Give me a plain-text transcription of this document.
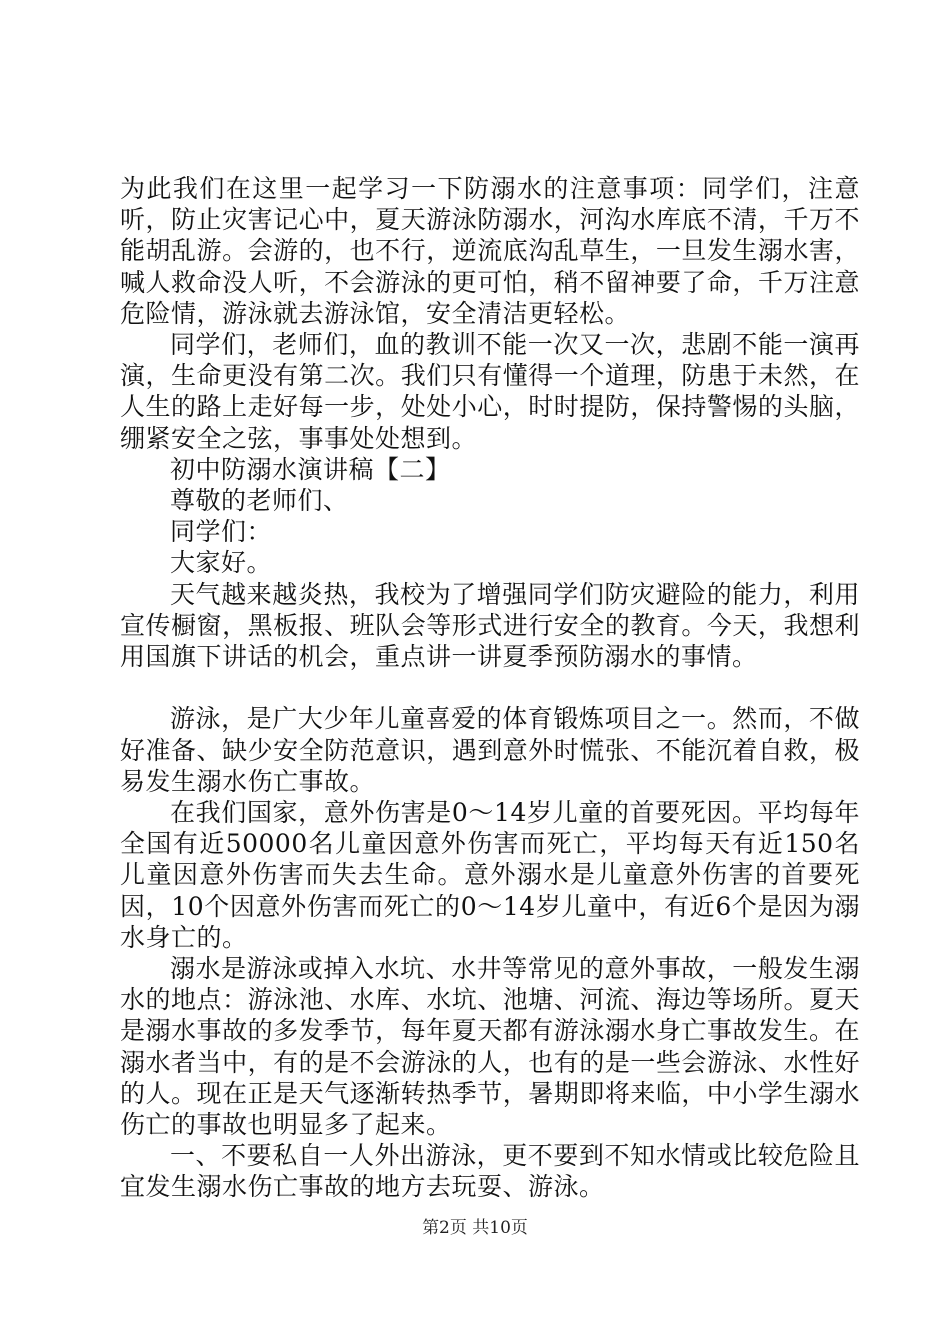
为此我们在这里一起学习一下防溺水的注意事项：同学们，注意听，防止灾害记心中，夏天游泳防溺水，河沟水库底不清，千万不能胡乱游。会游的，也不行，逆流底沟乱草生，一旦发生溺水害，喊人救命没人听，不会游泳的更可怕，稍不留神要了命，千万注意危险情，游泳就去游泳馆，安全清洁更轻松。

同学们，老师们，血的教训不能一次又一次，悲剧不能一演再演，生命更没有第二次。我们只有懂得一个道理，防患于未然，在人生的路上走好每一步，处处小心，时时提防，保持警惕的头脑，绷紧安全之弦，事事处处想到。

初中防溺水演讲稿【二】

尊敬的老师们、

同学们：

大家好。

天气越来越炎热，我校为了增强同学们防灾避险的能力，利用宣传橱窗，黑板报、班队会等形式进行安全的教育。今天，我想利用国旗下讲话的机会，重点讲一讲夏季预防溺水的事情。

游泳，是广大少年儿童喜爱的体育锻炼项目之一。然而，不做好准备、缺少安全防范意识，遇到意外时慌张、不能沉着自救，极易发生溺水伤亡事故。

在我们国家，意外伤害是0～14岁儿童的首要死因。平均每年全国有近50000名儿童因意外伤害而死亡，平均每天有近150名儿童因意外伤害而失去生命。意外溺水是儿童意外伤害的首要死因，10个因意外伤害而死亡的0～14岁儿童中，有近6个是因为溺水身亡的。

溺水是游泳或掉入水坑、水井等常见的意外事故，一般发生溺水的地点：游泳池、水库、水坑、池塘、河流、海边等场所。夏天是溺水事故的多发季节，每年夏天都有游泳溺水身亡事故发生。在溺水者当中，有的是不会游泳的人，也有的是一些会游泳、水性好的人。现在正是天气逐渐转热季节，暑期即将来临，中小学生溺水伤亡的事故也明显多了起来。

一、不要私自一人外出游泳，更不要到不知水情或比较危险且宜发生溺水伤亡事故的地方去玩耍、游泳。

第2页 共10页
